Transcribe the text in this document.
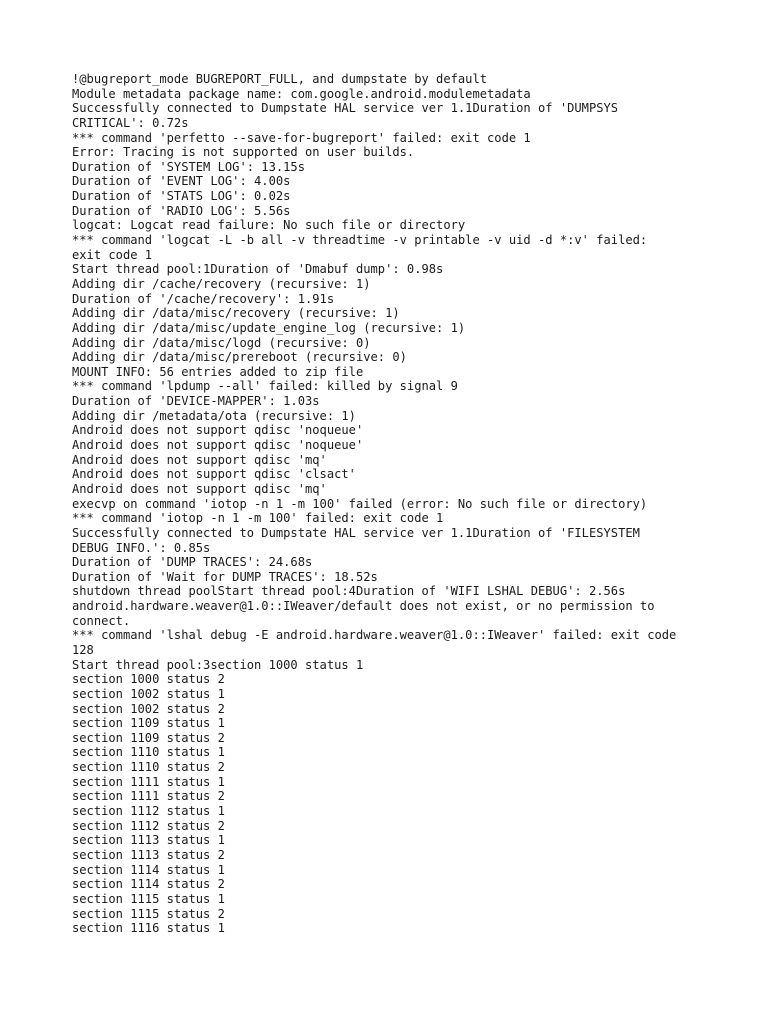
!@bugreport_mode BUGREPORT_FULL, and dumpstate by default
Module metadata package name: com.google.android.modulemetadata
Successfully connected to Dumpstate HAL service ver 1.1Duration of 'DUMPSYS
CRITICAL': 0.72s
*** command 'perfetto --save-for-bugreport' failed: exit code 1
Error: Tracing is not supported on user builds.
Duration of 'SYSTEM LOG': 13.15s
Duration of 'EVENT LOG': 4.00s
Duration of 'STATS LOG': 0.02s
Duration of 'RADIO LOG': 5.56s
logcat: Logcat read failure: No such file or directory
*** command 'logcat -L -b all -v threadtime -v printable -v uid -d *:v' failed:
exit code 1
Start thread pool:1Duration of 'Dmabuf dump': 0.98s
Adding dir /cache/recovery (recursive: 1)
Duration of '/cache/recovery': 1.91s
Adding dir /data/misc/recovery (recursive: 1)
Adding dir /data/misc/update_engine_log (recursive: 1)
Adding dir /data/misc/logd (recursive: 0)
Adding dir /data/misc/prereboot (recursive: 0)
MOUNT INFO: 56 entries added to zip file
*** command 'lpdump --all' failed: killed by signal 9
Duration of 'DEVICE-MAPPER': 1.03s
Adding dir /metadata/ota (recursive: 1)
Android does not support qdisc 'noqueue'
Android does not support qdisc 'noqueue'
Android does not support qdisc 'mq'
Android does not support qdisc 'clsact'
Android does not support qdisc 'mq'
execvp on command 'iotop -n 1 -m 100' failed (error: No such file or directory)
*** command 'iotop -n 1 -m 100' failed: exit code 1
Successfully connected to Dumpstate HAL service ver 1.1Duration of 'FILESYSTEM
DEBUG INFO.': 0.85s
Duration of 'DUMP TRACES': 24.68s
Duration of 'Wait for DUMP TRACES': 18.52s
shutdown thread poolStart thread pool:4Duration of 'WIFI LSHAL DEBUG': 2.56s
android.hardware.weaver@1.0::IWeaver/default does not exist, or no permission to
connect.
*** command 'lshal debug -E android.hardware.weaver@1.0::IWeaver' failed: exit code
128
Start thread pool:3section 1000 status 1
section 1000 status 2
section 1002 status 1
section 1002 status 2
section 1109 status 1
section 1109 status 2
section 1110 status 1
section 1110 status 2
section 1111 status 1
section 1111 status 2
section 1112 status 1
section 1112 status 2
section 1113 status 1
section 1113 status 2
section 1114 status 1
section 1114 status 2
section 1115 status 1
section 1115 status 2
section 1116 status 1
